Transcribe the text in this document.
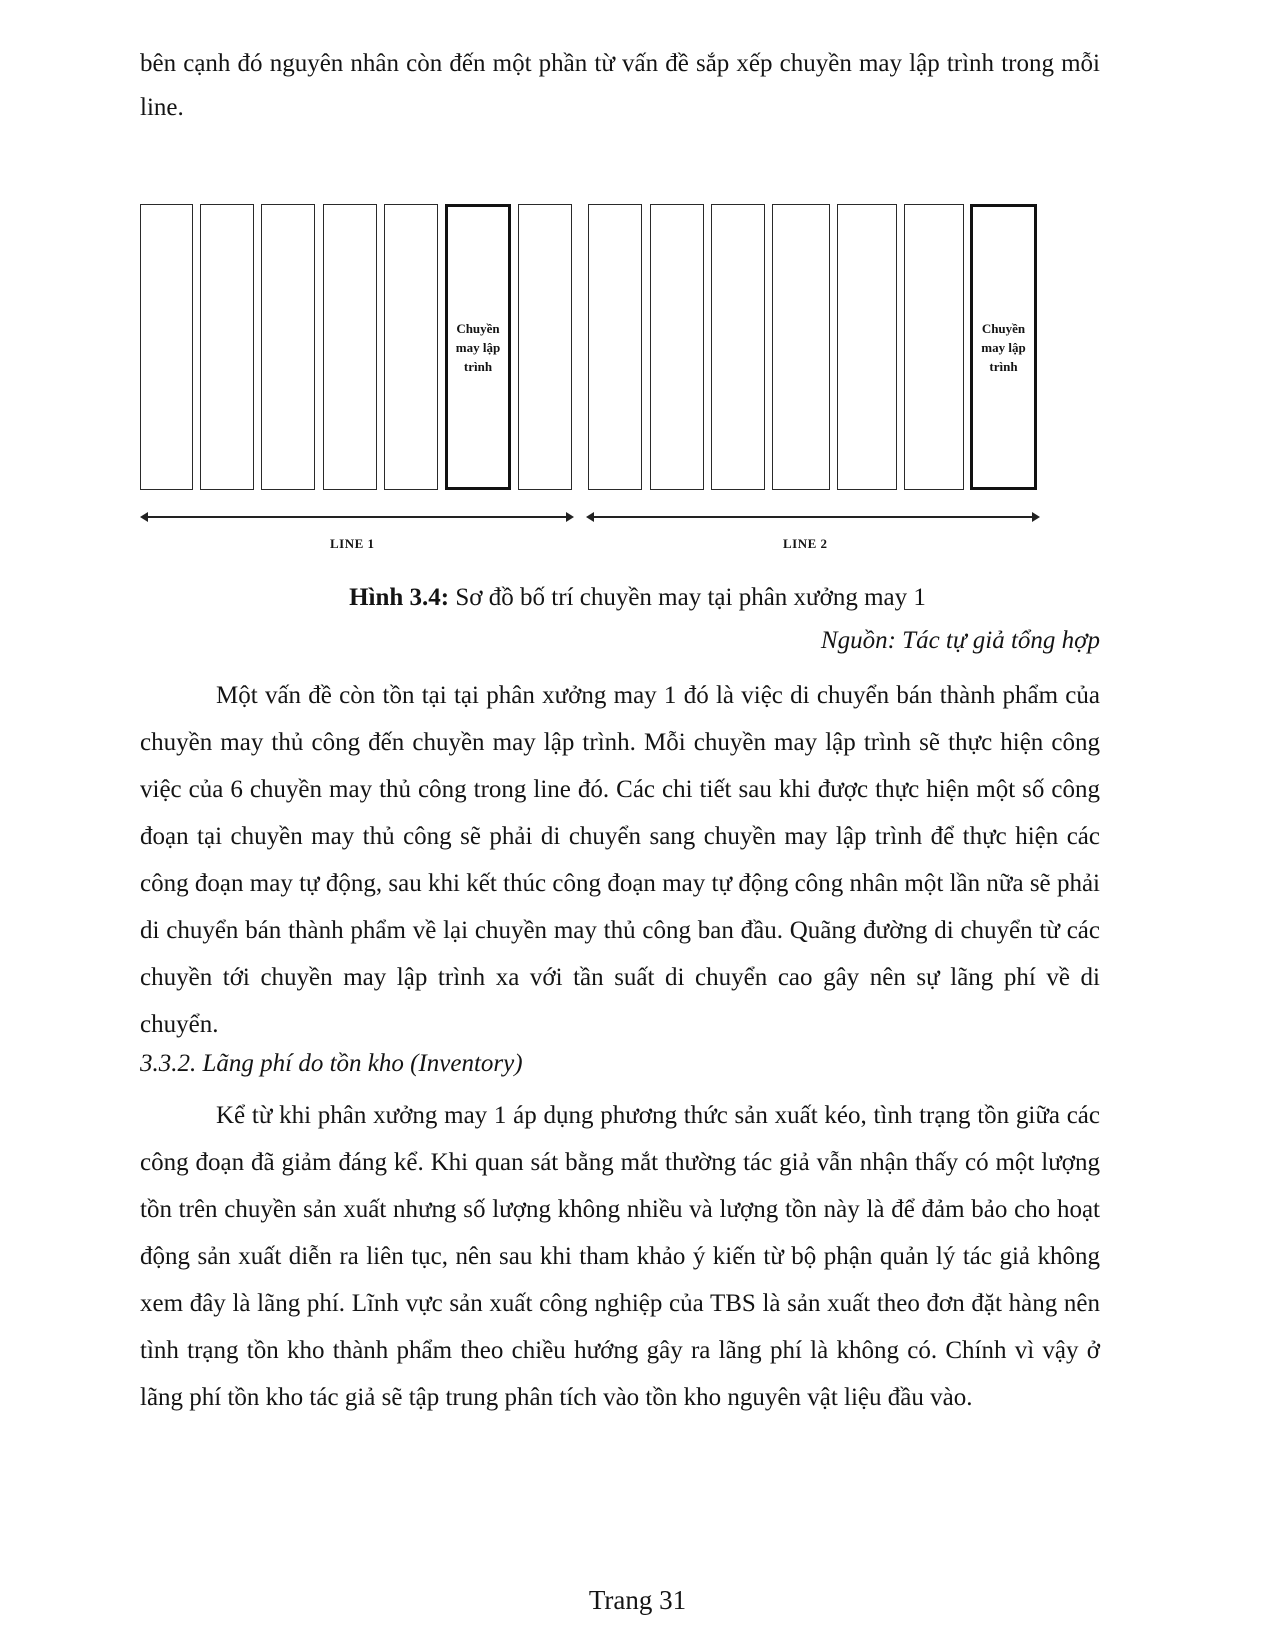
bên cạnh đó nguyên nhân còn đến một phần từ vấn đề sắp xếp chuyền may lập trình trong mỗi line.

Chuyền may lập trình
Chuyền may lập trình
LINE 1	LINE 2
Hình 3.4: Sơ đồ bố trí chuyền may tại phân xưởng may 1
Nguồn: Tác tự giả tổng hợp

Một vấn đề còn tồn tại tại phân xưởng may 1 đó là việc di chuyển bán thành phẩm của chuyền may thủ công đến chuyền may lập trình. Mỗi chuyền may lập trình sẽ thực hiện công việc của 6 chuyền may thủ công trong line đó. Các chi tiết sau khi được thực hiện một số công đoạn tại chuyền may thủ công sẽ phải di chuyển sang chuyền may lập trình để thực hiện các công đoạn may tự động, sau khi kết thúc công đoạn may tự động công nhân một lần nữa sẽ phải di chuyển bán thành phẩm về lại chuyền may thủ công ban đầu. Quãng đường di chuyển từ các chuyền tới chuyền may lập trình xa với tần suất di chuyển cao gây nên sự lãng phí về di chuyển.

3.3.2. Lãng phí do tồn kho (Inventory)

Kể từ khi phân xưởng may 1 áp dụng phương thức sản xuất kéo, tình trạng tồn giữa các công đoạn đã giảm đáng kể. Khi quan sát bằng mắt thường tác giả vẫn nhận thấy có một lượng tồn trên chuyền sản xuất nhưng số lượng không nhiều và lượng tồn này là để đảm bảo cho hoạt động sản xuất diễn ra liên tục, nên sau khi tham khảo ý kiến từ bộ phận quản lý tác giả không xem đây là lãng phí. Lĩnh vực sản xuất công nghiệp của TBS là sản xuất theo đơn đặt hàng nên tình trạng tồn kho thành phẩm theo chiều hướng gây ra lãng phí là không có. Chính vì vậy ở lãng phí tồn kho tác giả sẽ tập trung phân tích vào tồn kho nguyên vật liệu đầu vào.

Trang 31
